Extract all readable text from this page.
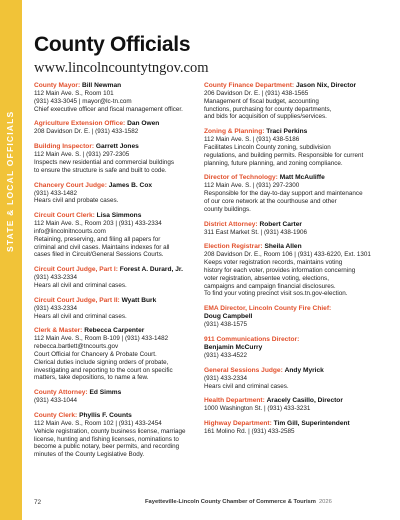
STATE & LOCAL OFFICIALS
County Officials
www.lincolncountytngov.com
County Mayor: Bill Newman
112 Main Ave. S., Room 101
(931) 433-3045 | mayor@lc-tn.com
Chief executive officer and fiscal management officer.
Agriculture Extension Office: Dan Owen
208 Davidson Dr. E. | (931) 433-1582
Building Inspector: Garrett Jones
112 Main Ave. S. | (931) 297-2305
Inspects new residential and commercial buildings
to ensure the structure is safe and built to code.
Chancery Court Judge: James B. Cox
(931) 433-1482
Hears civil and probate cases.
Circuit Court Clerk: Lisa Simmons
112 Main Ave. S., Room 203 | (931) 433-2334
info@lincolnitncourts.com
Retaining, preserving, and filing all papers for
criminal and civil cases. Maintains indexes for all
cases filed in Circuit/General Sessions Courts.
Circuit Court Judge, Part I: Forest A. Durard, Jr.
(931) 433-2334
Hears all civil and criminal cases.
Circuit Court Judge, Part II: Wyatt Burk
(931) 433-2334
Hears all civil and criminal cases.
Clerk & Master: Rebecca Carpenter
112 Main Ave. S., Room B-109 | (931) 433-1482
rebecca.bartlett@tncourts.gov
Court Official for Chancery & Probate Court.
Clerical duties include signing orders of probate,
investigating and reporting to the court on specific
matters, take depositions, to name a few.
County Attorney: Ed Simms
(931) 433-1044
County Clerk: Phyllis F. Counts
112 Main Ave. S., Room 102 | (931) 433-2454
Vehicle registration, county business license, marriage
license, hunting and fishing licenses, nominations to
become a public notary, beer permits, and recording
minutes of the County Legislative Body.
County Finance Department: Jason Nix, Director
206 Davidson Dr. E. | (931) 438-1565
Management of fiscal budget, accounting
functions, purchasing for county departments,
and bids for acquisition of supplies/services.
Zoning & Planning: Traci Perkins
112 Main Ave. S. | (931) 438-5186
Facilitates Lincoln County zoning, subdivision
regulations, and building permits. Responsible for current
planning, future planning, and zoning compliance.
Director of Technology: Matt McAuliffe
112 Main Ave. S. | (931) 297-2300
Responsible for the day-to-day support and maintenance
of our core network at the courthouse and other
county buildings.
District Attorney: Robert Carter
311 East Market St. | (931) 438-1906
Election Registrar: Sheila Allen
208 Davidson Dr. E., Room 106 | (931) 433-6220, Ext. 1301
Keeps voter registration records, maintains voting
history for each voter, provides information concerning
voter registration, absentee voting, elections,
campaigns and campaign financial disclosures.
To find your voting precinct visit sos.tn.gov-election.
EMA Director, Lincoln County Fire Chief:
Doug Campbell
(931) 438-1575
911 Communications Director:
Benjamin McCurry
(931) 433-4522
General Sessions Judge: Andy Myrick
(931) 433-2334
Hears civil and criminal cases.
Health Department: Aracely Casillo, Director
1000 Washington St. | (931) 433-3231
Highway Department: Tim Gill, Superintendent
161 Molino Rd. | (931) 433-2585
72	Fayetteville-Lincoln County Chamber of Commerce & Tourism 2026
